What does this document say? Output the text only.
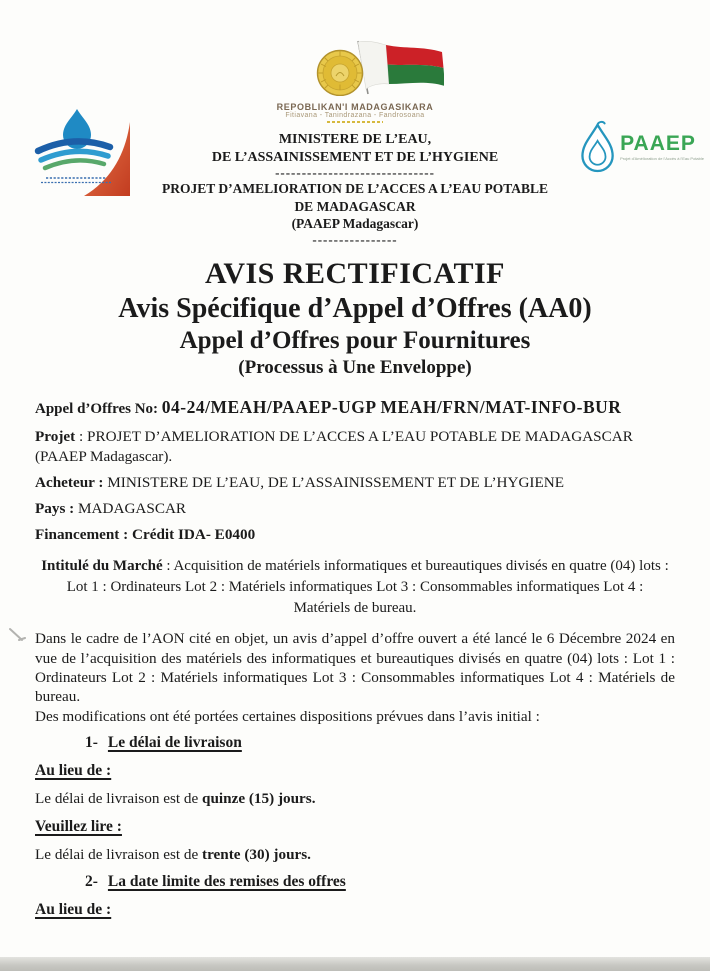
REPOBLIKAN'I MADAGASIKARA
Fitiavana - Tanindrazana - Fandrosoana
MINISTERE DE L’EAU,
DE L’ASSAINISSEMENT ET DE L’HYGIENE
------------------------------
PROJET D’AMELIORATION DE L’ACCES A L’EAU POTABLE
DE MADAGASCAR
(PAAEP Madagascar)
----------------
PAAEP
Projet d'Amélioration de l'Accès à l'Eau Potable
AVIS RECTIFICATIF
Avis Spécifique d’Appel d’Offres (AA0)
Appel d’Offres pour Fournitures
(Processus à Une Enveloppe)
Appel d’Offres No: 04-24/MEAH/PAAEP-UGP MEAH/FRN/MAT-INFO-BUR
Projet : PROJET D’AMELIORATION DE L’ACCES A L’EAU POTABLE DE MADAGASCAR (PAAEP Madagascar).
Acheteur : MINISTERE DE L’EAU, DE L’ASSAINISSEMENT ET DE L’HYGIENE
Pays : MADAGASCAR
Financement : Crédit IDA- E0400
Intitulé du Marché : Acquisition de matériels informatiques et bureautiques divisés en quatre (04) lots : Lot 1 : Ordinateurs Lot 2 : Matériels informatiques Lot 3 : Consommables informatiques Lot 4 : Matériels de bureau.

Dans le cadre de l’AON cité en objet, un avis d’appel d’offre ouvert a été lancé le 6 Décembre 2024 en vue de l’acquisition des matériels des informatiques et bureautiques divisés en quatre (04) lots : Lot 1 : Ordinateurs Lot 2 : Matériels informatiques Lot 3 : Consommables informatiques Lot 4 : Matériels de bureau.

Des modifications ont été portées certaines dispositions prévues dans l’avis initial :

1- Le délai de livraison
Au lieu de :
Le délai de livraison est de quinze (15) jours.
Veuillez lire :
Le délai de livraison est de trente (30) jours.
2- La date limite des remises des offres
Au lieu de :
